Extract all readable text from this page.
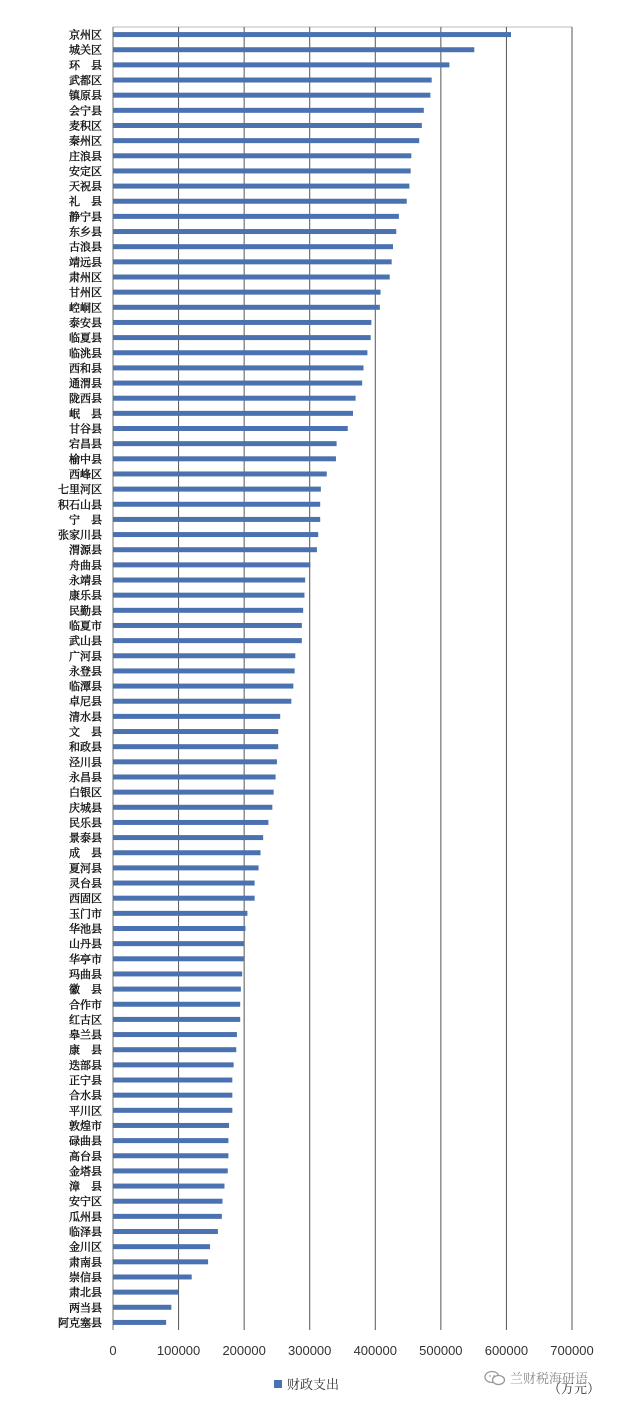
京州区
城关区
环　县
武都区
镇原县
会宁县
麦积区
秦州区
庄浪县
安定区
天祝县
礼　县
静宁县
东乡县
古浪县
靖远县
肃州区
甘州区
崆峒区
泰安县
临夏县
临洮县
西和县
通渭县
陇西县
岷　县
甘谷县
宕昌县
榆中县
西峰区
七里河区
积石山县
宁　县
张家川县
渭源县
舟曲县
永靖县
康乐县
民勤县
临夏市
武山县
广河县
永登县
临潭县
卓尼县
清水县
文　县
和政县
泾川县
永昌县
白银区
庆城县
民乐县
景泰县
成　县
夏河县
灵台县
西固区
玉门市
华池县
山丹县
华亭市
玛曲县
徽　县
合作市
红古区
皋兰县
康　县
迭部县
正宁县
合水县
平川区
敦煌市
碌曲县
高台县
金塔县
漳　县
安宁区
瓜州县
临泽县
金川区
肃南县
崇信县
肃北县
两当县
阿克塞县
0	100000 200000 300000 400000 500000 600000 700000
财政支出	兰财税海研语
（万元）
